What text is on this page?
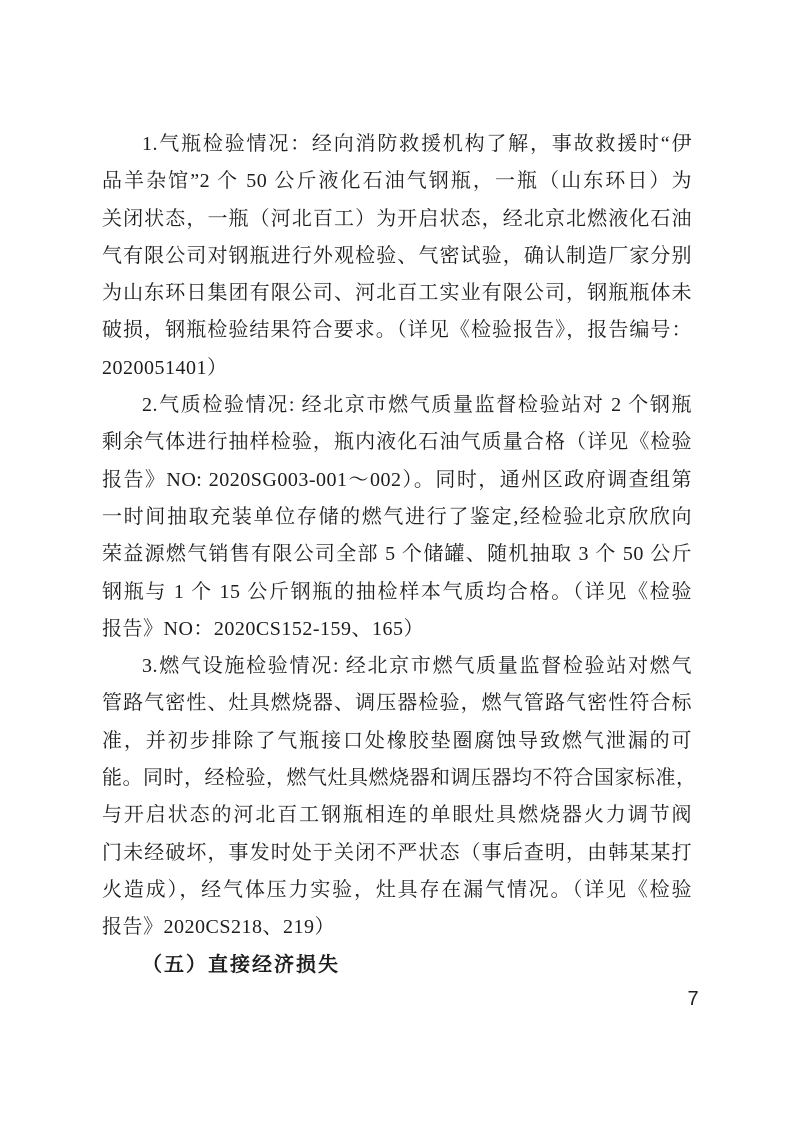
1.气瓶检验情况：经向消防救援机构了解，事故救援时“伊
品羊杂馆”2 个 50 公斤液化石油气钢瓶，一瓶（山东环日）为
关闭状态，一瓶（河北百工）为开启状态，经北京北燃液化石油
气有限公司对钢瓶进行外观检验、气密试验，确认制造厂家分别
为山东环日集团有限公司、河北百工实业有限公司，钢瓶瓶体未
破损，钢瓶检验结果符合要求。（详见《检验报告》，报告编号：
2020051401）
2.气质检验情况: 经北京市燃气质量监督检验站对 2 个钢瓶
剩余气体进行抽样检验，瓶内液化石油气质量合格（详见《检验
报告》NO: 2020SG003-001～002）。同时，通州区政府调查组第
一时间抽取充装单位存储的燃气进行了鉴定,经检验北京欣欣向
荣益源燃气销售有限公司全部 5 个储罐、随机抽取 3 个 50 公斤
钢瓶与 1 个 15 公斤钢瓶的抽检样本气质均合格。（详见《检验
报告》NO：2020CS152-159、165）
3.燃气设施检验情况: 经北京市燃气质量监督检验站对燃气
管路气密性、灶具燃烧器、调压器检验，燃气管路气密性符合标
准，并初步排除了气瓶接口处橡胶垫圈腐蚀导致燃气泄漏的可
能。同时，经检验，燃气灶具燃烧器和调压器均不符合国家标准，
与开启状态的河北百工钢瓶相连的单眼灶具燃烧器火力调节阀
门未经破坏，事发时处于关闭不严状态（事后查明，由韩某某打
火造成），经气体压力实验，灶具存在漏气情况。（详见《检验
报告》2020CS218、219）
（五）直接经济损失
7
